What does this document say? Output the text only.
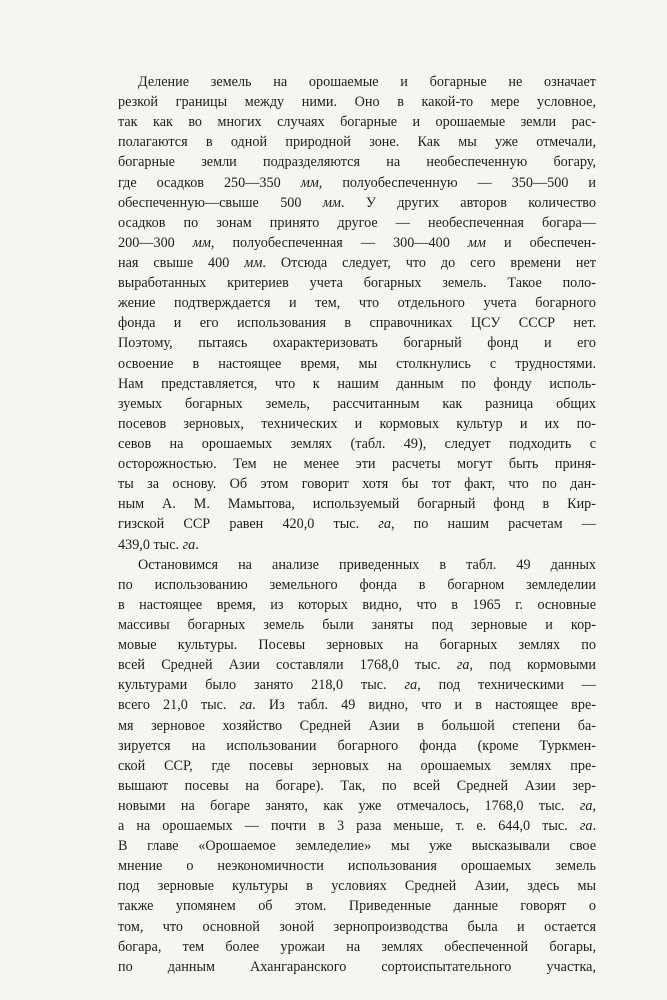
Деление земель на орошаемые и богарные не означает
резкой границы между ними. Оно в какой-то мере условное,
так как во многих случаях богарные и орошаемые земли рас-
полагаются в одной природной зоне. Как мы уже отмечали,
богарные земли подразделяются на необеспеченную богару,
где осадков 250—350 мм, полуобеспеченную — 350—500 и
обеспеченную—свыше 500 мм. У других авторов количество
осадков по зонам принято другое — необеспеченная богара—
200—300 мм, полуобеспеченная — 300—400 мм и обеспечен-
ная свыше 400 мм. Отсюда следует, что до сего времени нет
выработанных критериев учета богарных земель. Такое поло-
жение подтверждается и тем, что отдельного учета богарного
фонда и его использования в справочниках ЦСУ СССР нет.
Поэтому, пытаясь охарактеризовать богарный фонд и его
освоение в настоящее время, мы столкнулись с трудностями.
Нам представляется, что к нашим данным по фонду исполь-
зуемых богарных земель, рассчитанным как разница общих
посевов зерновых, технических и кормовых культур и их по-
севов на орошаемых землях (табл. 49), следует подходить с
осторожностью. Тем не менее эти расчеты могут быть приня-
ты за основу. Об этом говорит хотя бы тот факт, что по дан-
ным А. М. Мамытова, используемый богарный фонд в Кир-
гизской ССР равен 420,0 тыс. га, по нашим расчетам —
439,0 тыс. га.
Остановимся на анализе приведенных в табл. 49 данных
по использованию земельного фонда в богарном земледелии
в настоящее время, из которых видно, что в 1965 г. основные
массивы богарных земель были заняты под зерновые и кор-
мовые культуры. Посевы зерновых на богарных землях по
всей Средней Азии составляли 1768,0 тыс. га, под кормовыми
культурами было занято 218,0 тыс. га, под техническими —
всего 21,0 тыс. га. Из табл. 49 видно, что и в настоящее вре-
мя зерновое хозяйство Средней Азии в большой степени ба-
зируется на использовании богарного фонда (кроме Туркмен-
ской ССР, где посевы зерновых на орошаемых землях пре-
вышают посевы на богаре). Так, по всей Средней Азии зер-
новыми на богаре занято, как уже отмечалось, 1768,0 тыс. га,
а на орошаемых — почти в 3 раза меньше, т. е. 644,0 тыс. га.
В главе «Орошаемое земледелие» мы уже высказывали свое
мнение о неэкономичности использования орошаемых земель
под зерновые культуры в условиях Средней Азии, здесь мы
также упомянем об этом. Приведенные данные говорят о
том, что основной зоной зернопроизводства была и остается
богара, тем более урожаи на землях обеспеченной богары,
по данным Ахангаранского сортоиспытательного участка,
